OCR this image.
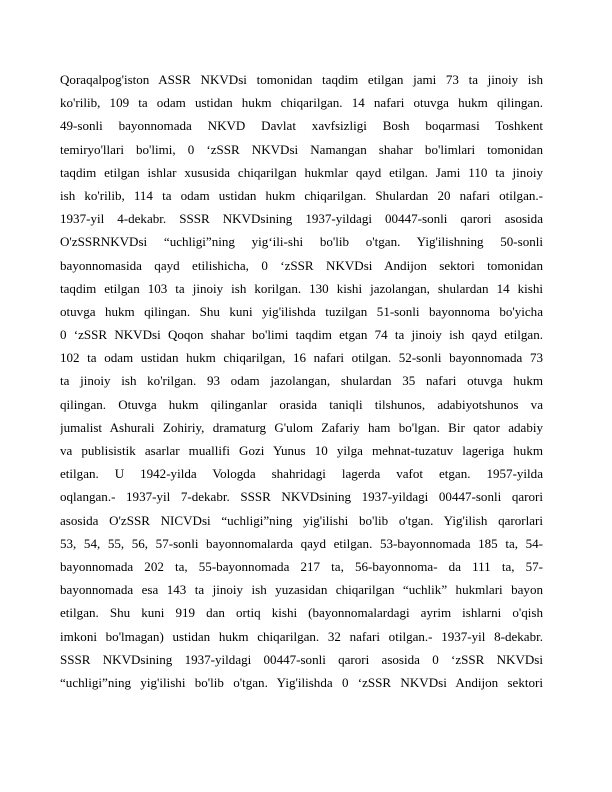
Qoraqalpog'iston ASSR NKVDsi tomonidan taqdim etilgan jami 73 ta jinoiy ish
ko'rilib, 109 ta odam ustidan hukm chiqarilgan. 14 nafari otuvga hukm qilingan.
49-sonli bayonnomada NKVD Davlat xavfsizligi Bosh boqarmasi Toshkent
temiryo'llari bo'limi, 0 ‘zSSR NKVDsi Namangan shahar bo'limlari tomonidan
taqdim etilgan ishlar xususida chiqarilgan hukmlar qayd etilgan. Jami 110 ta jinoiy
ish ko'rilib, 114 ta odam ustidan hukm chiqarilgan. Shulardan 20 nafari otilgan.-
1937-yil 4-dekabr. SSSR NKVDsining 1937-yildagi 00447-sonli qarori asosida
O'zSSRNKVDsi “uchligi”ning yig‘ili-shi bo'lib o'tgan. Yig'ilishning 50-sonli
bayonnomasida qayd etilishicha, 0 ‘zSSR NKVDsi Andijon sektori tomonidan
taqdim etilgan 103 ta jinoiy ish korilgan. 130 kishi jazolangan, shulardan 14 kishi
otuvga hukm qilingan. Shu kuni yig'ilishda tuzilgan 51-sonli bayonnoma bo'yicha
0 ‘zSSR NKVDsi Qoqon shahar bo'limi taqdim etgan 74 ta jinoiy ish qayd etilgan.
102 ta odam ustidan hukm chiqarilgan, 16 nafari otilgan. 52-sonli bayonnomada 73
ta jinoiy ish ko'rilgan. 93 odam jazolangan, shulardan 35 nafari otuvga hukm
qilingan. Otuvga hukm qilinganlar orasida taniqli tilshunos, adabiyotshunos va
jumalist Ashurali Zohiriy, dramaturg G'ulom Zafariy ham bo'lgan. Bir qator adabiy
va publisistik asarlar muallifi Gozi Yunus 10 yilga mehnat-tuzatuv lageriga hukm
etilgan. U 1942-yilda Vologda shahridagi lagerda vafot etgan. 1957-yilda
oqlangan.- 1937-yil 7-dekabr. SSSR NKVDsining 1937-yildagi 00447-sonli qarori
asosida O'zSSR NICVDsi “uchligi”ning yig'ilishi bo'lib o'tgan. Yig'ilish qarorlari
53, 54, 55, 56, 57-sonli bayonnomalarda qayd etilgan. 53-bayonnomada 185 ta, 54-
bayonnomada 202 ta, 55-bayonnomada 217 ta, 56-bayonnoma- da 111 ta, 57-
bayonnomada esa 143 ta jinoiy ish yuzasidan chiqarilgan “uchlik” hukmlari bayon
etilgan. Shu kuni 919 dan ortiq kishi (bayonnomalardagi ayrim ishlarni o'qish
imkoni bo'lmagan) ustidan hukm chiqarilgan. 32 nafari otilgan.- 1937-yil 8-dekabr.
SSSR NKVDsining 1937-yildagi 00447-sonli qarori asosida 0 ‘zSSR NKVDsi
“uchligi”ning yig'ilishi bo'lib o'tgan. Yig'ilishda 0 ‘zSSR NKVDsi Andijon sektori
